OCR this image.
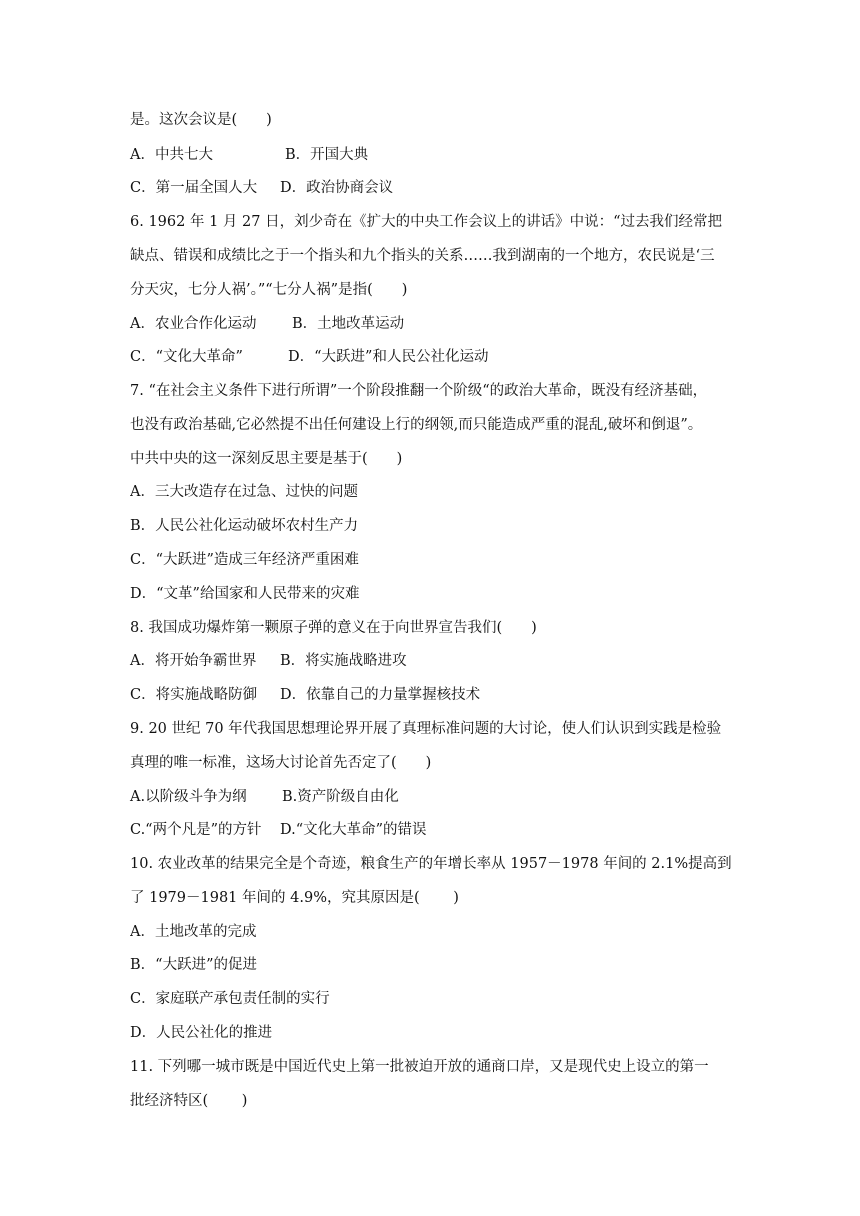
是。这次会议是(　　)
A．中共七大	B．开国大典
C．第一届全国人大 D．政治协商会议
6. 1962 年 1 月 27 日，刘少奇在《扩大的中央工作会议上的讲话》中说：“过去我们经常把
缺点、错误和成绩比之于一个指头和九个指头的关系……我到湖南的一个地方，农民说是‘三
分天灾，七分人祸’。”“七分人祸”是指(　　)
A．农业合作化运动 B．土地改革运动
C．“文化大革命”	D．“大跃进”和人民公社化运动
7. “在社会主义条件下进行所谓”一个阶段推翻一个阶级“的政治大革命，既没有经济基础，
也没有政治基础,它必然提不出任何建设上行的纲领,而只能造成严重的混乱,破坏和倒退”。
中共中央的这一深刻反思主要是基于(　　)
A．三大改造存在过急、过快的问题
B．人民公社化运动破坏农村生产力
C．“大跃进”造成三年经济严重困难
D．“文革”给国家和人民带来的灾难
8. 我国成功爆炸第一颗原子弹的意义在于向世界宣告我们(　　)
A．将开始争霸世界 B．将实施战略进攻
C．将实施战略防御 D．依靠自己的力量掌握核技术
9. 20 世纪 70 年代我国思想理论界开展了真理标准问题的大讨论，使人们认识到实践是检验
真理的唯一标准，这场大讨论首先否定了(　　)
A.以阶级斗争为纲 B.资产阶级自由化
C.“两个凡是”的方针 D.“文化大革命”的错误
10. 农业改革的结果完全是个奇迹，粮食生产的年增长率从 1957－1978 年间的 2.1%提高到
了 1979－1981 年间的 4.9%，究其原因是(　　 )
A．土地改革的完成
B．“大跃进”的促进
C．家庭联产承包责任制的实行
D．人民公社化的推进
11. 下列哪一城市既是中国近代史上第一批被迫开放的通商口岸，又是现代史上设立的第一
批经济特区(　　 )
